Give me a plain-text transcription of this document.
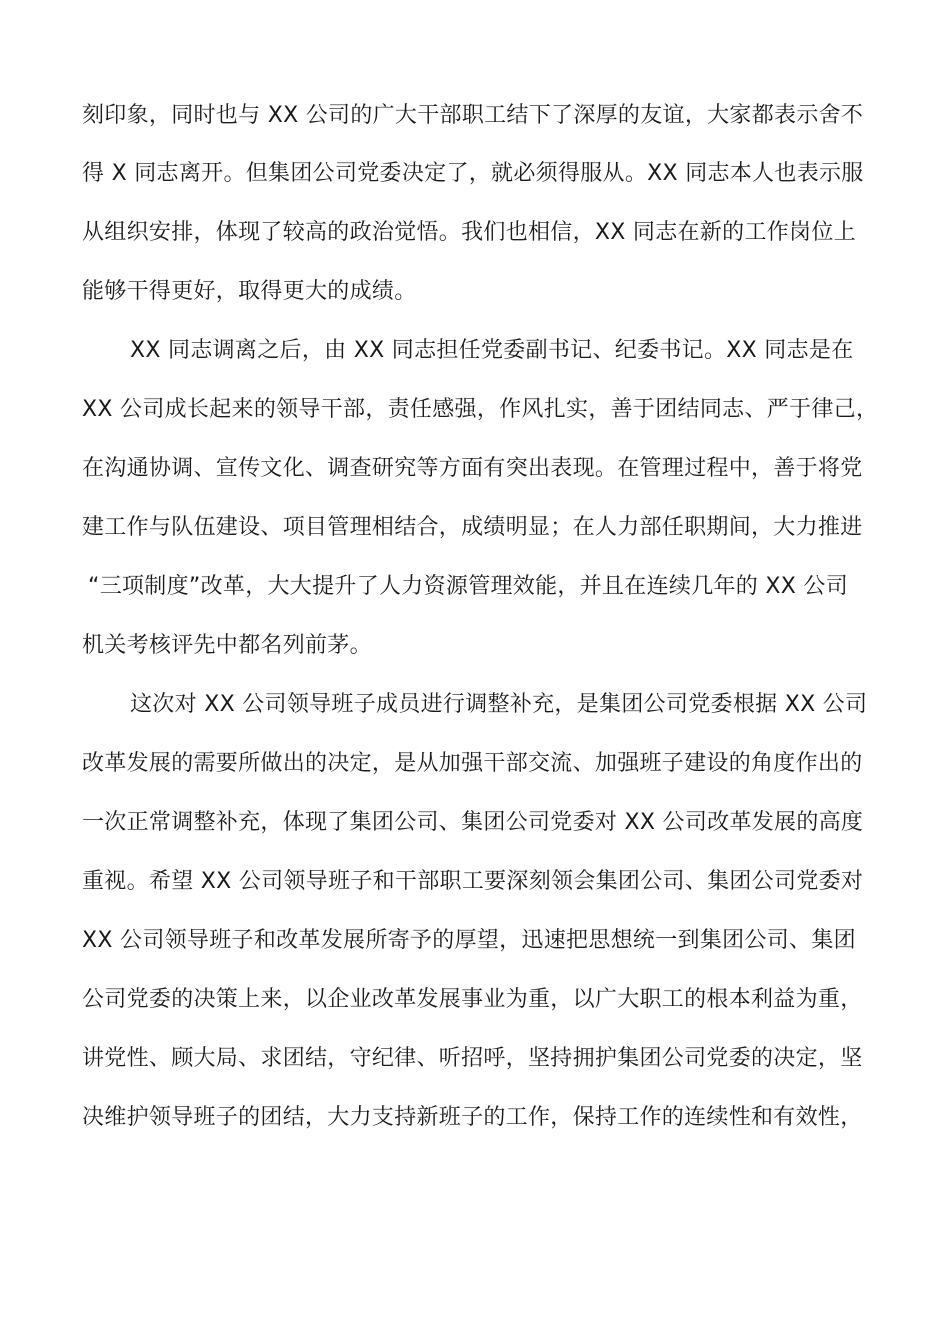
刻印象，同时也与 XX 公司的广大干部职工结下了深厚的友谊，大家都表示舍不
得 X 同志离开。但集团公司党委决定了，就必须得服从。XX 同志本人也表示服
从组织安排，体现了较高的政治觉悟。我们也相信，XX 同志在新的工作岗位上
能够干得更好，取得更大的成绩。
XX 同志调离之后，由 XX 同志担任党委副书记、纪委书记。XX 同志是在
XX 公司成长起来的领导干部，责任感强，作风扎实，善于团结同志、严于律己，
在沟通协调、宣传文化、调查研究等方面有突出表现。在管理过程中，善于将党
建工作与队伍建设、项目管理相结合，成绩明显；在人力部任职期间，大力推进
“三项制度”改革，大大提升了人力资源管理效能，并且在连续几年的 XX 公司
机关考核评先中都名列前茅。
这次对 XX 公司领导班子成员进行调整补充，是集团公司党委根据 XX 公司
改革发展的需要所做出的决定，是从加强干部交流、加强班子建设的角度作出的
一次正常调整补充，体现了集团公司、集团公司党委对 XX 公司改革发展的高度
重视。希望 XX 公司领导班子和干部职工要深刻领会集团公司、集团公司党委对
XX 公司领导班子和改革发展所寄予的厚望，迅速把思想统一到集团公司、集团
公司党委的决策上来，以企业改革发展事业为重，以广大职工的根本利益为重，
讲党性、顾大局、求团结，守纪律、听招呼，坚持拥护集团公司党委的决定，坚
决维护领导班子的团结，大力支持新班子的工作，保持工作的连续性和有效性，
